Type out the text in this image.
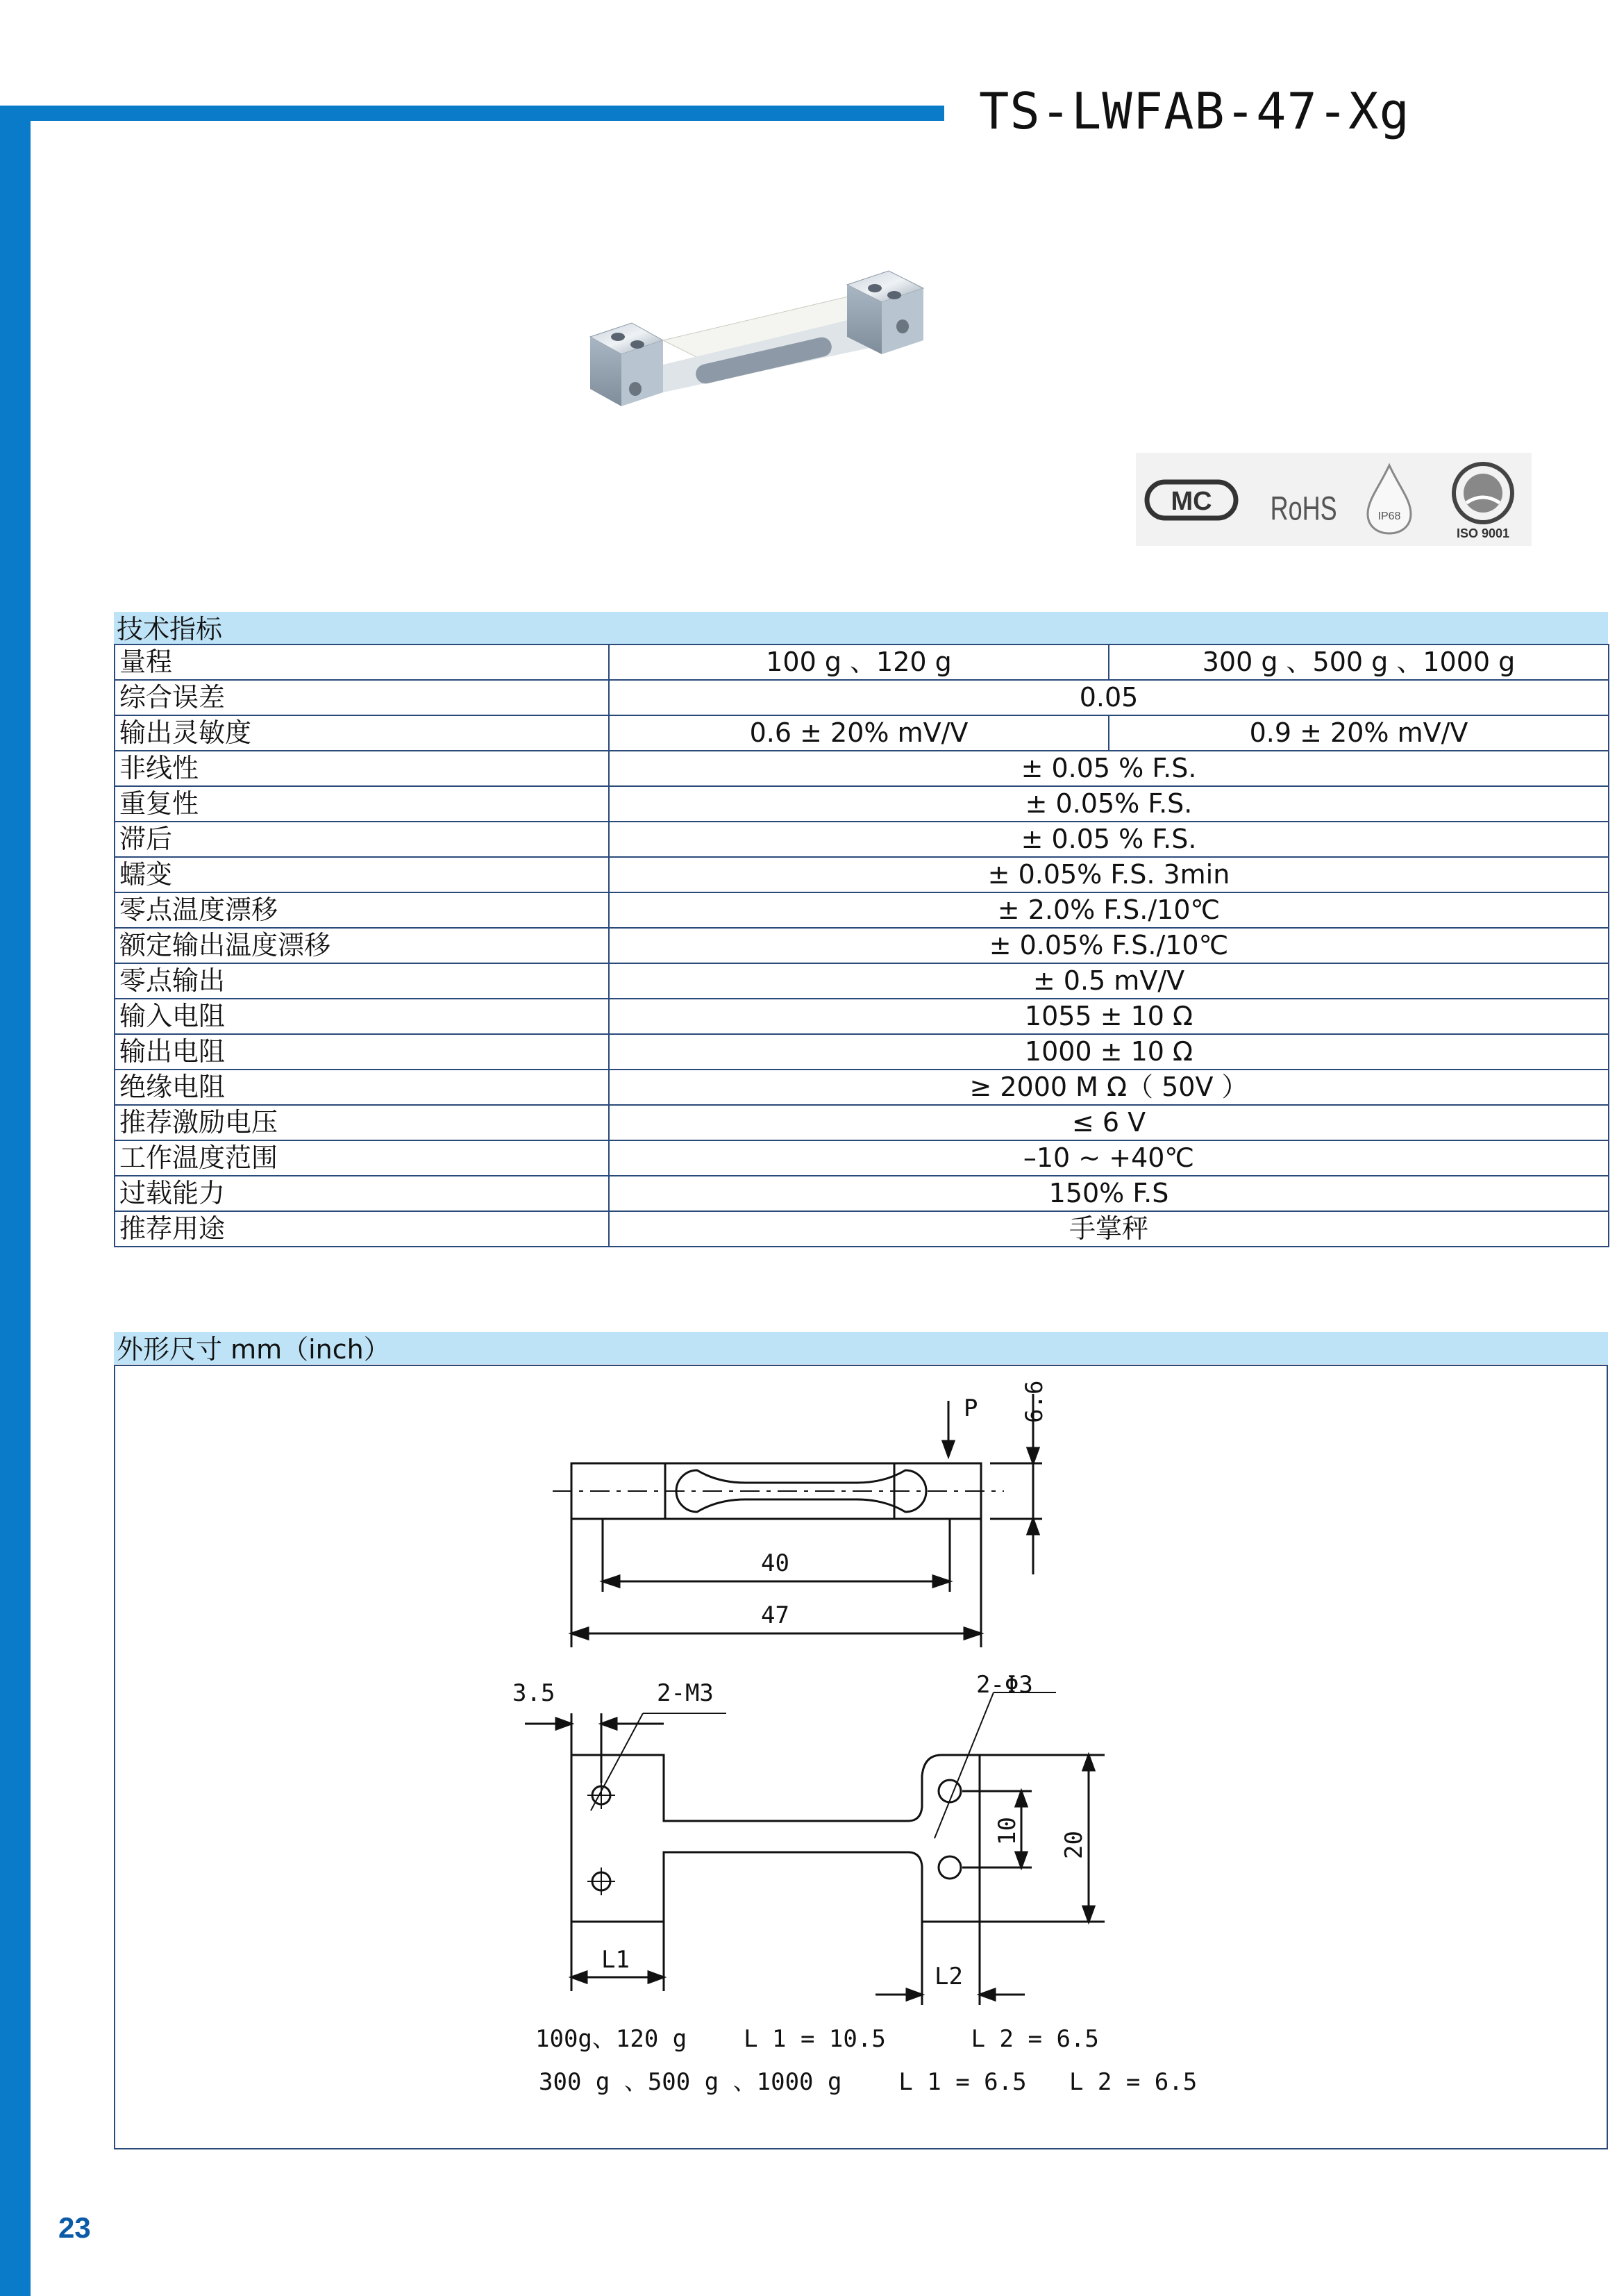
TS-LWFAB-47-Xg
MC RoHS	IP68
ISO 9001
技术指标
量程	100 g 、120 g	300 g 、500 g 、1000 g
综合误差	0.05	
输出灵敏度	0.6 ± 20% mV/V	0.9 ± 20% mV/V
非线性	± 0.05 % F.S.	
重复性	± 0.05% F.S.	
滞后	± 0.05 % F.S.	
蠕变	± 0.05% F.S. 3min	
零点温度漂移	± 2.0% F.S./10℃	
额定输出温度漂移	± 0.05% F.S./10℃	
零点输出	± 0.5 mV/V	
输入电阻	1055 ± 10 Ω	
输出电阻	1000 ± 10 Ω	
绝缘电阻	≥ 2000 M Ω（ 50V ）	
推荐激励电压	≤ 6 V	
工作温度范围	–10 ~ +40℃	
过载能力	150% F.S	
推荐用途	手掌秤	
外形尺寸 mm（inch）
P 6.6
40
47
3.5	2-M3	2-Φ3
10 20
L1
L2
100g、120 g    L 1 = 10.5      L 2 = 6.5
300 g 、500 g 、1000 g    L 1 = 6.5   L 2 = 6.5
23
